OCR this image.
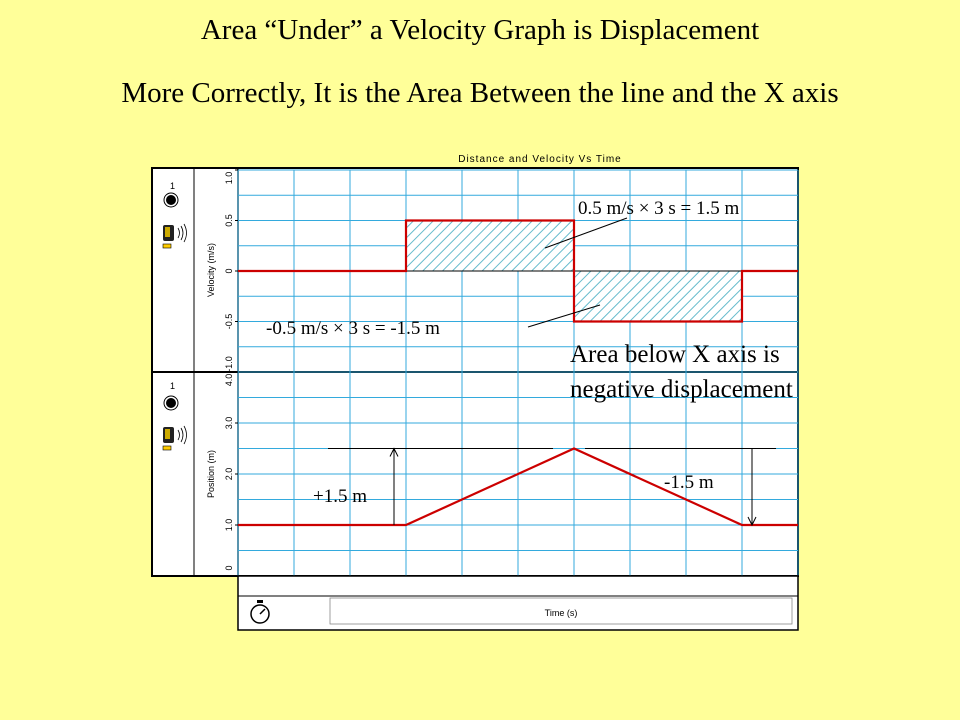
Area “Under” a Velocity Graph is Displacement
More Correctly, It is the Area Between the line and the X axis
Distance and Velocity Vs Time
1
1
Velocity (m/s)
Position (m)
1.0
0.5
0
-0.5
-1.0
4.0
3.0
2.0
1.0
0
Time (s)
0.5 m/s × 3 s = 1.5 m
-0.5 m/s × 3 s = -1.5 m
Area below X axis is
negative displacement
+1.5 m
-1.5 m
